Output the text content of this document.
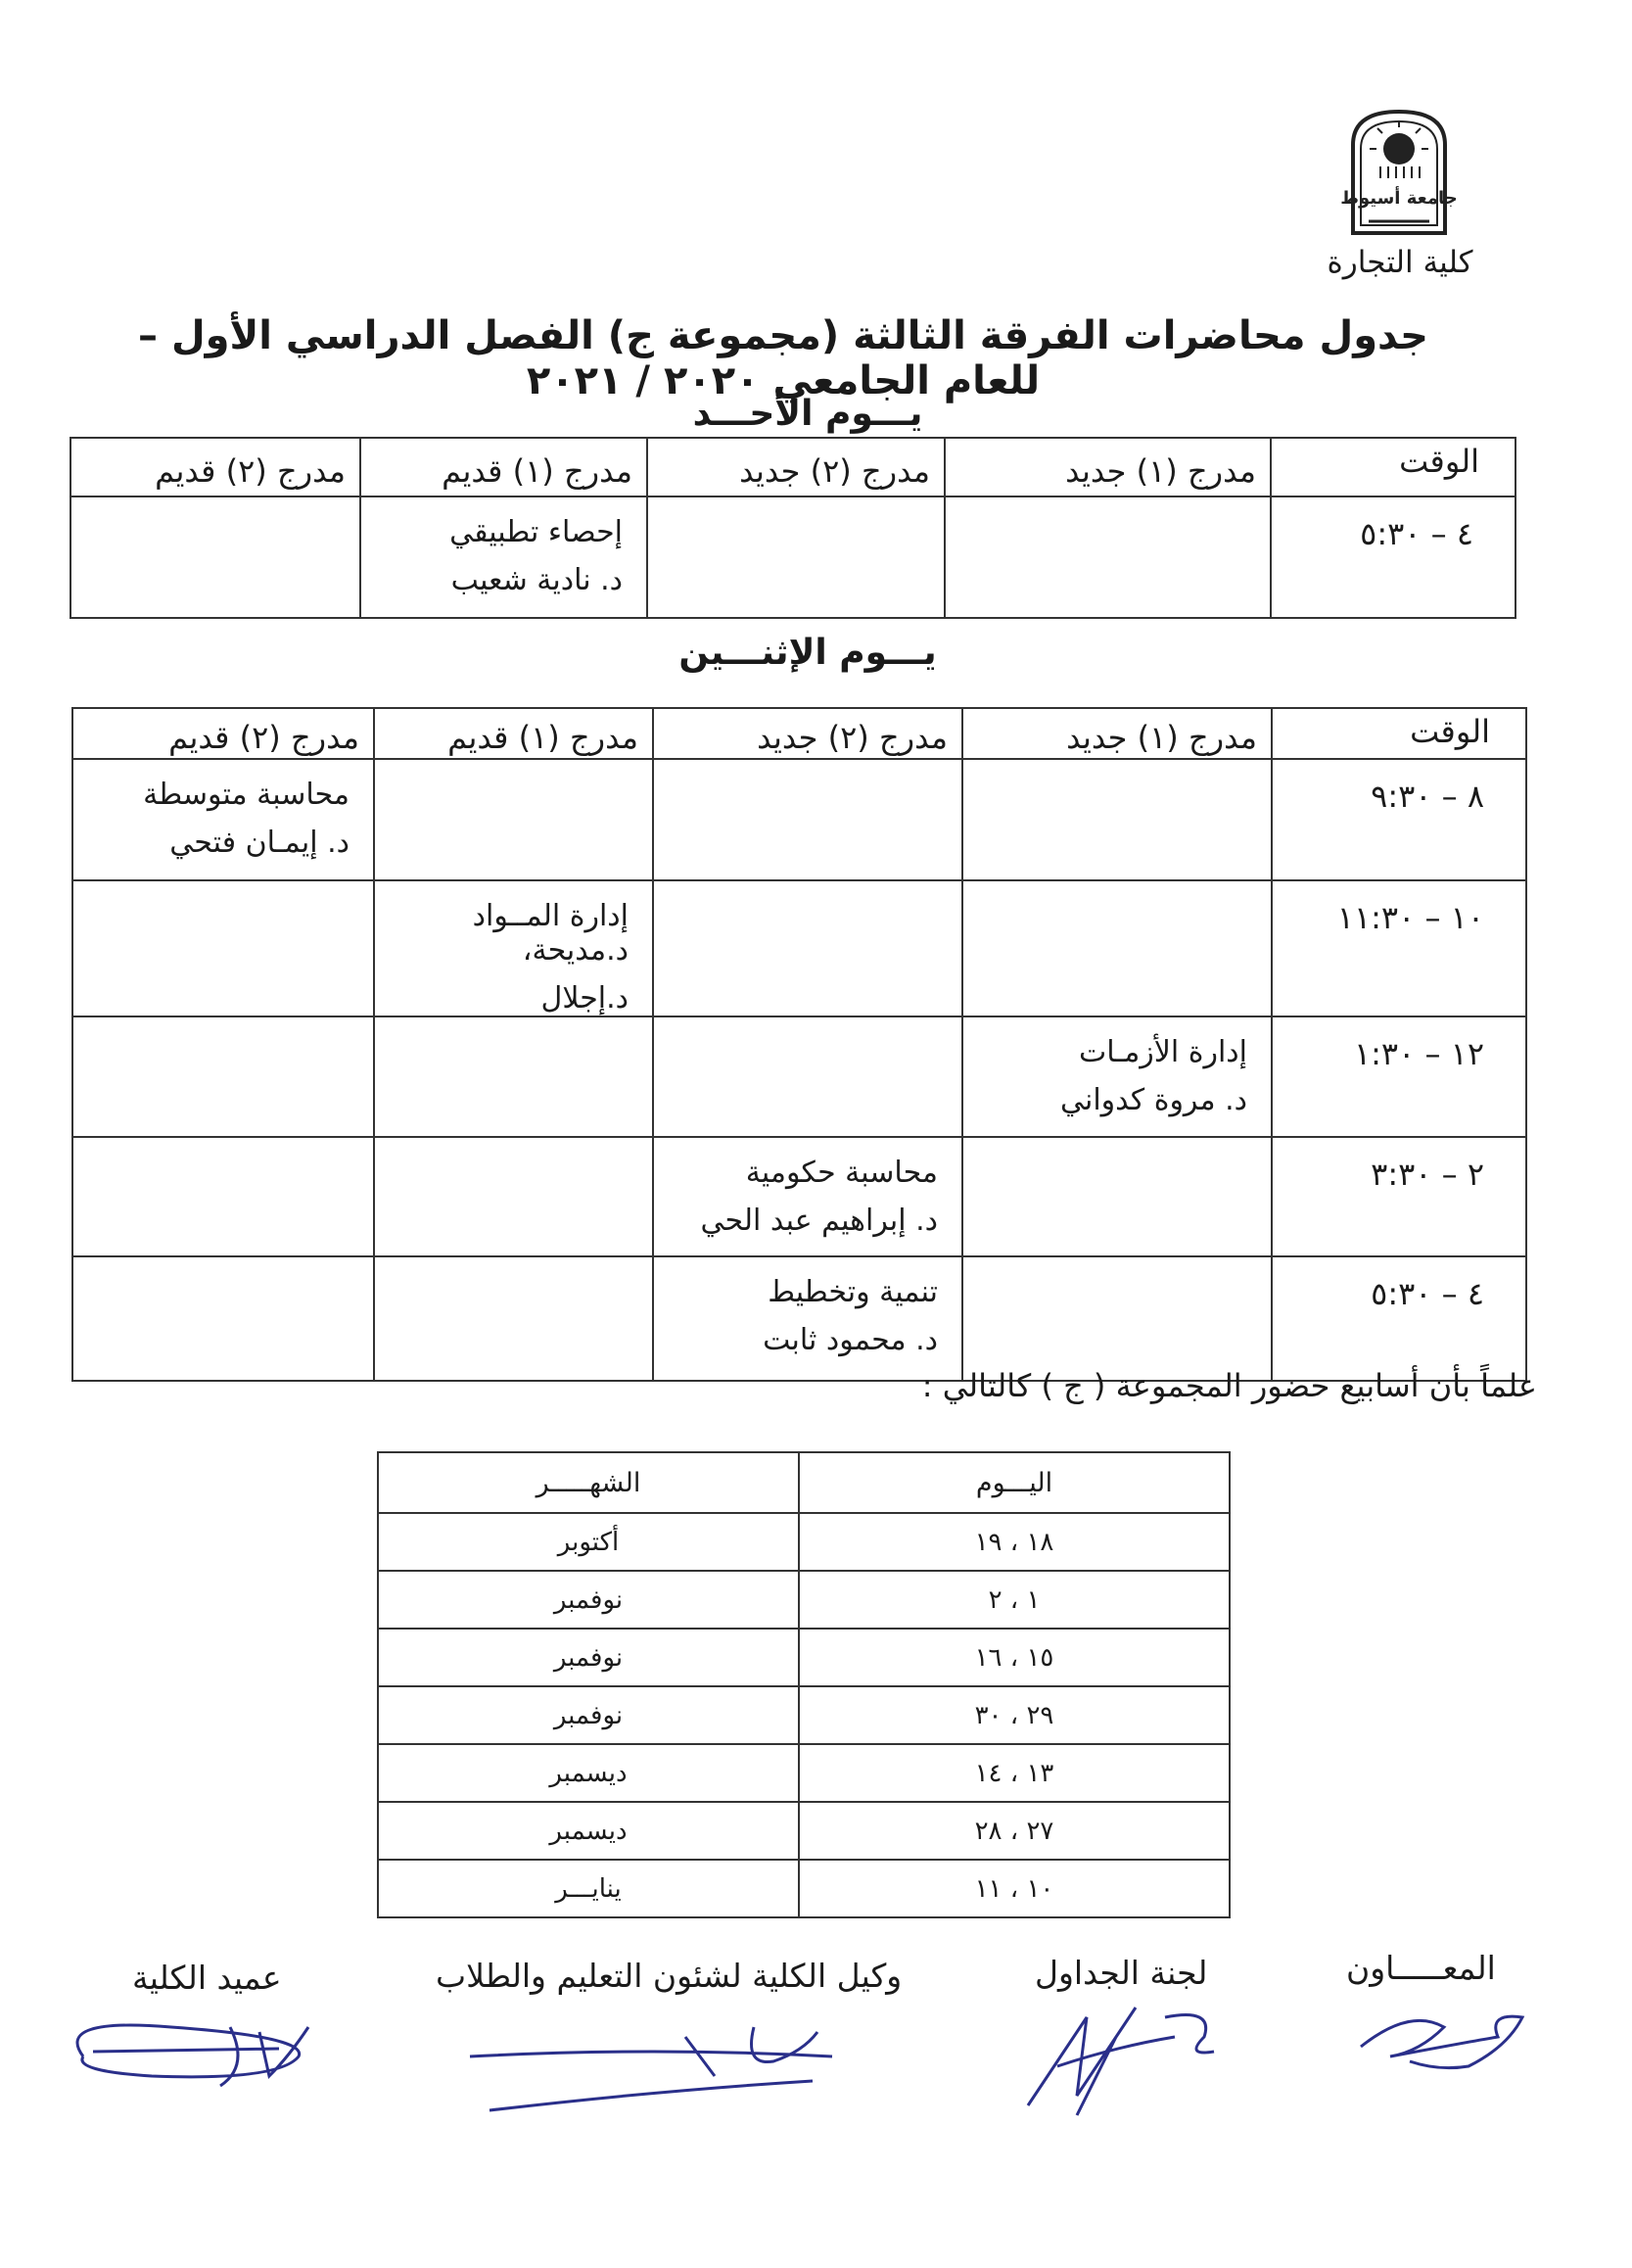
جامعة أسيوط
كلية التجارة
جدول محاضرات الفرقة الثالثة (مجموعة ج) الفصل الدراسي الأول – للعام الجامعي ٢٠٢٠ / ٢٠٢١
يـــوم الأحـــد
الوقت	مدرج (١) جديد	مدرج (٢) جديد	مدرج (١) قديم	مدرج (٢) قديم
٤ – ٥:٣٠			إحصاء تطبيقي
د. نادية شعيب	

يـــوم الإثنـــين
الوقت	مدرج (١) جديد	مدرج (٢) جديد	مدرج (١) قديم	مدرج (٢) قديم
٨ – ٩:٣٠				محاسبة متوسطة
د. إيمـان فتحي

١٠ – ١١:٣٠			إدارة المــواد د.مديحة،
د.إجلال	

١٢ – ١:٣٠	إدارة الأزمـات
د. مروة كدواني			

٢ – ٣:٣٠		محاسبة حكومية
د. إبراهيم عبد الحي		

٤ – ٥:٣٠		تنمية وتخطيط
د. محمود ثابت		

علماً بأن أسابيع حضور المجموعة ( ج ) كالتالي :
اليـــوم	الشهـــــر
١٨ ، ١٩	أكتوبر
١ ، ٢	نوفمبر
١٥ ، ١٦	نوفمبر
٢٩ ، ٣٠	نوفمبر
١٣ ، ١٤	ديسمبر
٢٧ ، ٢٨	ديسمبر
١٠ ، ١١	ينايـــر
المعـــــاون
لجنة الجداول
وكيل الكلية لشئون التعليم والطلاب
عميد الكلية
